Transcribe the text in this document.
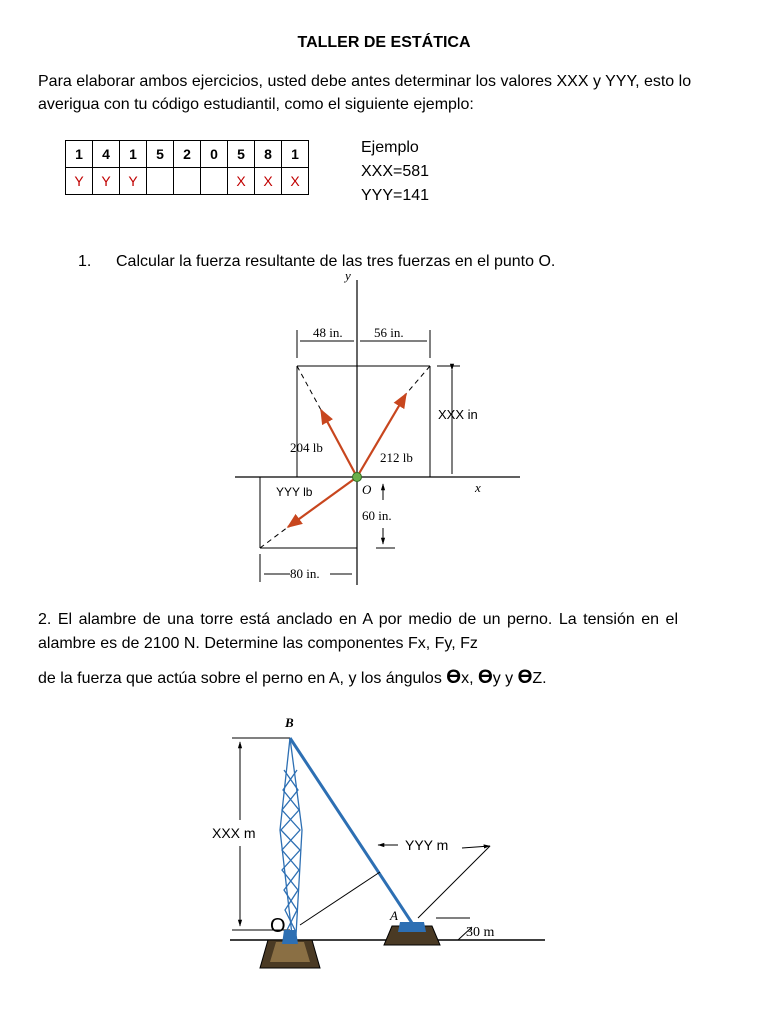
TALLER DE ESTÁTICA
Para elaborar ambos ejercicios, usted debe antes determinar los valores XXX y YYY, esto lo averigua con tu código estudiantil, como el siguiente ejemplo:
1	4	1	5	2	0	5	8	1
Y	Y	Y				X	X	X
Ejemplo
XXX=581
YYY=141
1. Calcular la fuerza resultante de las tres fuerzas en el punto O.
y
x
48 in. 56 in.
XXX in
80 in.
60 in.
204 lb
212 lb
YYY lb	O
2. El alambre de una torre está anclado en A por medio de un perno. La tensión en el alambre es de 2100 N. Determine las componentes Fx, Fy, Fz
de la fuerza que actúa sobre el perno en A, y los ángulos ϴx, ϴy y ϴZ.
XXX m
O
B
A
YYY m
30 m
